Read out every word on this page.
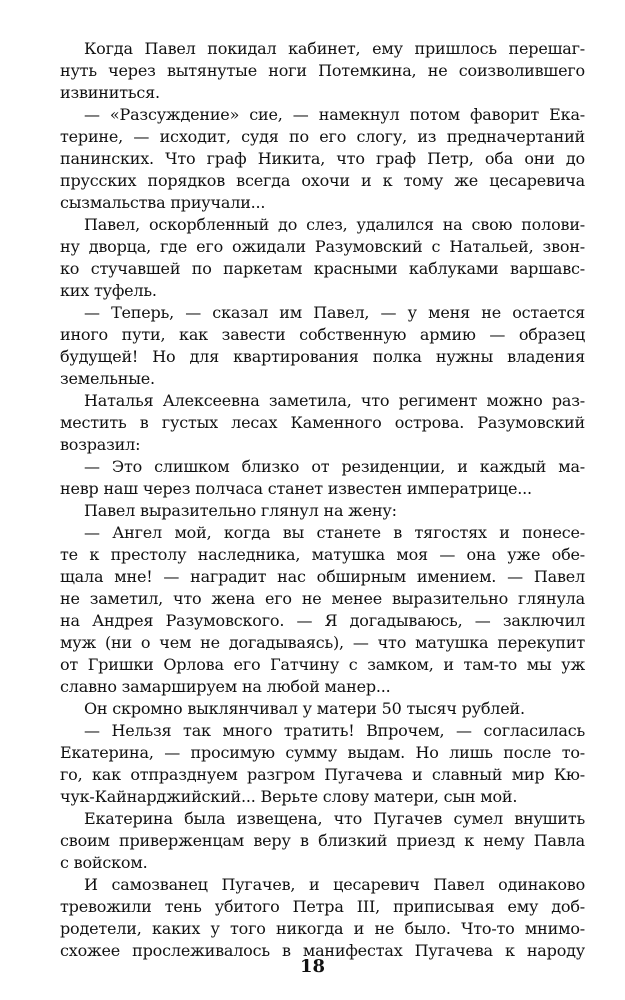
Когда Павел покидал кабинет, ему пришлось перешаг-
нуть через вытянутые ноги Потемкина, не соизволившего
извиниться.
— «Разсуждение» сие, — намекнул потом фаворит Ека-
терине, — исходит, судя по его слогу, из предначертаний
панинских. Что граф Никита, что граф Петр, оба они до
прусских порядков всегда охочи и к тому же цесаревича
сызмальства приучали...
Павел, оскорбленный до слез, удалился на свою полови-
ну дворца, где его ожидали Разумовский с Натальей, звон-
ко стучавшей по паркетам красными каблуками варшавс-
ких туфель.
— Теперь, — сказал им Павел, — у меня не остается
иного пути, как завести собственную армию — образец
будущей! Но для квартирования полка нужны владения
земельные.
Наталья Алексеевна заметила, что регимент можно раз-
местить в густых лесах Каменного острова. Разумовский
возразил:
— Это слишком близко от резиденции, и каждый ма-
невр наш через полчаса станет известен императрице...
Павел выразительно глянул на жену:
— Ангел мой, когда вы станете в тягостях и понесе-
те к престолу наследника, матушка моя — она уже обе-
щала мне! — наградит нас обширным имением. — Павел
не заметил, что жена его не менее выразительно глянула
на Андрея Разумовского. — Я догадываюсь, — заключил
муж (ни о чем не догадываясь), — что матушка перекупит
от Гришки Орлова его Гатчину с замком, и там-то мы уж
славно замаршируем на любой манер...
Он скромно выклянчивал у матери 50 тысяч рублей.
— Нельзя так много тратить! Впрочем, — согласилась
Екатерина, — просимую сумму выдам. Но лишь после то-
го, как отпразднуем разгром Пугачева и славный мир Кю-
чук-Кайнарджийский... Верьте слову матери, сын мой.
Екатерина была извещена, что Пугачев сумел внушить
своим приверженцам веру в близкий приезд к нему Павла
с войском.
И самозванец Пугачев, и цесаревич Павел одинаково
тревожили тень убитого Петра III, приписывая ему доб-
родетели, каких у того никогда и не было. Что-то мнимо-
схожее прослеживалось в манифестах Пугачева к народу
18
